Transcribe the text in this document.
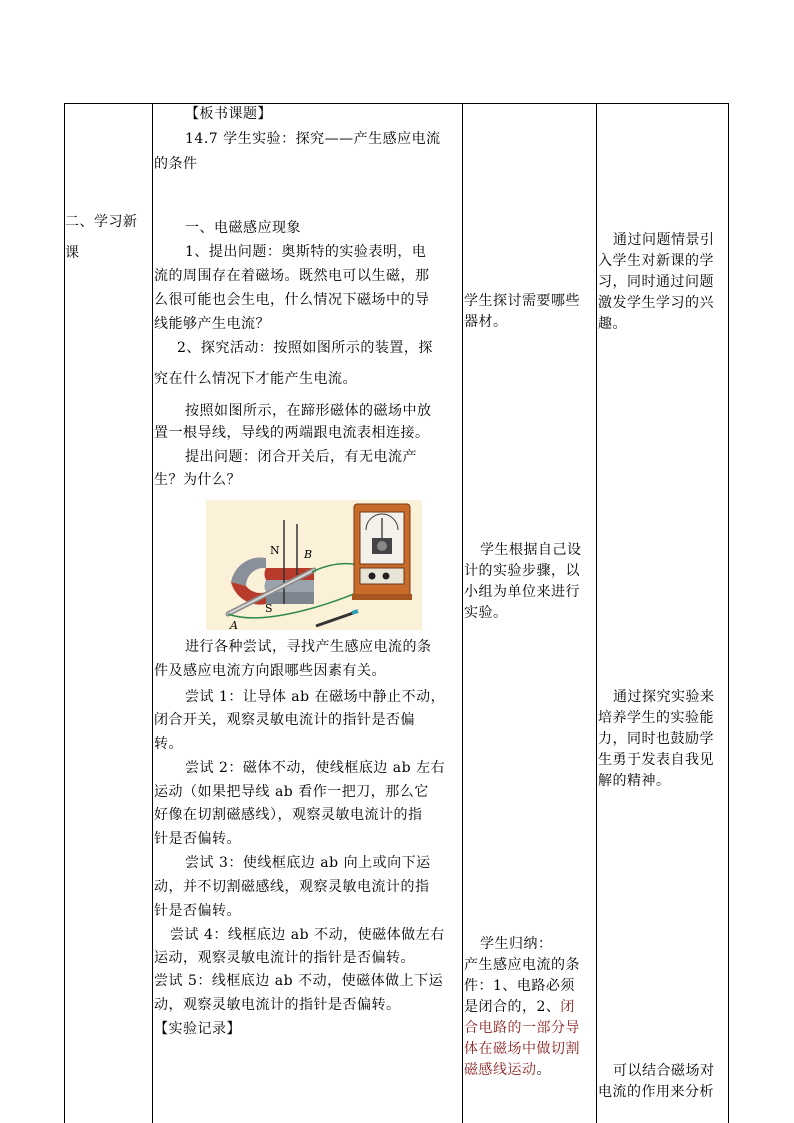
二、学习新
课
【板书课题】
14.7 学生实验：探究——产生感应电流
的条件
一、电磁感应现象
1、提出问题：奥斯特的实验表明，电
流的周围存在着磁场。既然电可以生磁，那
么很可能也会生电，什么情况下磁场中的导
线能够产生电流？
2、探究活动：按照如图所示的装置，探
究在什么情况下才能产生电流。
按照如图所示，在蹄形磁体的磁场中放
置一根导线，导线的两端跟电流表相连接。
提出问题：闭合开关后，有无电流产
生？为什么？
N
S
A
B
进行各种尝试，寻找产生感应电流的条
件及感应电流方向跟哪些因素有关。
尝试 1：让导体 ab 在磁场中静止不动，
闭合开关，观察灵敏电流计的指针是否偏
转。
尝试 2：磁体不动，使线框底边 ab 左右
运动（如果把导线 ab 看作一把刀，那么它
好像在切割磁感线），观察灵敏电流计的指
针是否偏转。
尝试 3：使线框底边 ab 向上或向下运
动，并不切割磁感线，观察灵敏电流计的指
针是否偏转。
尝试 4：线框底边 ab 不动，使磁体做左右
运动，观察灵敏电流计的指针是否偏转。
尝试 5：线框底边 ab 不动，使磁体做上下运
动，观察灵敏电流计的指针是否偏转。
【实验记录】
学生探讨需要哪些
器材。
学生根据自己设
计的实验步骤，以
小组为单位来进行
实验。
学生归纳：
产生感应电流的条
件：1、电路必须
是闭合的，2、闭
合电路的一部分导
体在磁场中做切割
磁感线运动。
通过问题情景引
入学生对新课的学
习，同时通过问题
激发学生学习的兴
趣。
通过探究实验来
培养学生的实验能
力，同时也鼓励学
生勇于发表自我见
解的精神。
可以结合磁场对
电流的作用来分析
